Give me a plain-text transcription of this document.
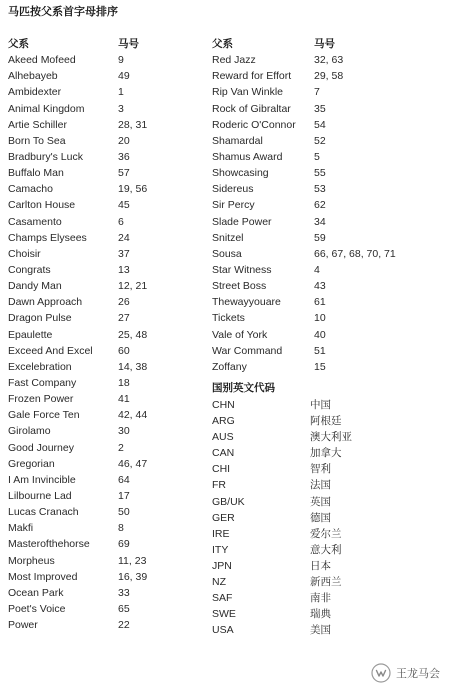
马匹按父系首字母排序
父系	马号
Akeed Mofeed	9
Alhebayeb	49
Ambidexter	1
Animal Kingdom	3
Artie Schiller	28, 31
Born To Sea	20
Bradbury's Luck	36
Buffalo Man	57
Camacho	19, 56
Carlton House	45
Casamento	6
Champs Elysees	24
Choisir	37
Congrats	13
Dandy Man	12, 21
Dawn Approach	26
Dragon Pulse	27
Epaulette	25, 48
Exceed And Excel 60
Excelebration	14, 38
Fast Company	18
Frozen Power	41
Gale Force Ten	42, 44
Girolamo	30
Good Journey	2
Gregorian	46, 47
I Am Invincible	64
Lilbourne Lad	17
Lucas Cranach	50
Makfi	8
Masterofthehorse	69
Morpheus	11, 23
Most Improved	16, 39
Ocean Park	33
Poet's Voice	65
Power	22
父系	马号
Red Jazz	32, 63
Reward for Effort 29, 58
Rip Van Winkle	7
Rock of Gibraltar 35
Roderic O'Connor 54
Shamardal	52
Shamus Award	5
Showcasing	55
Sidereus	53
Sir Percy	62
Slade Power	34
Snitzel	59
Sousa	66, 67, 68, 70, 71
Star Witness	4
Street Boss	43
Thewayyouare	61
Tickets	10
Vale of York	40
War Command	51
Zoffany	15
国别英文代码
CHN	中国
ARG	阿根廷
AUS	澳大利亚
CAN	加拿大
CHI	智利
FR	法国
GB/UK	英国
GER	德国
IRE	爱尔兰
ITY	意大利
JPN	日本
NZ	新西兰
SAF	南非
SWE	瑞典
USA	美国
王龙马会
